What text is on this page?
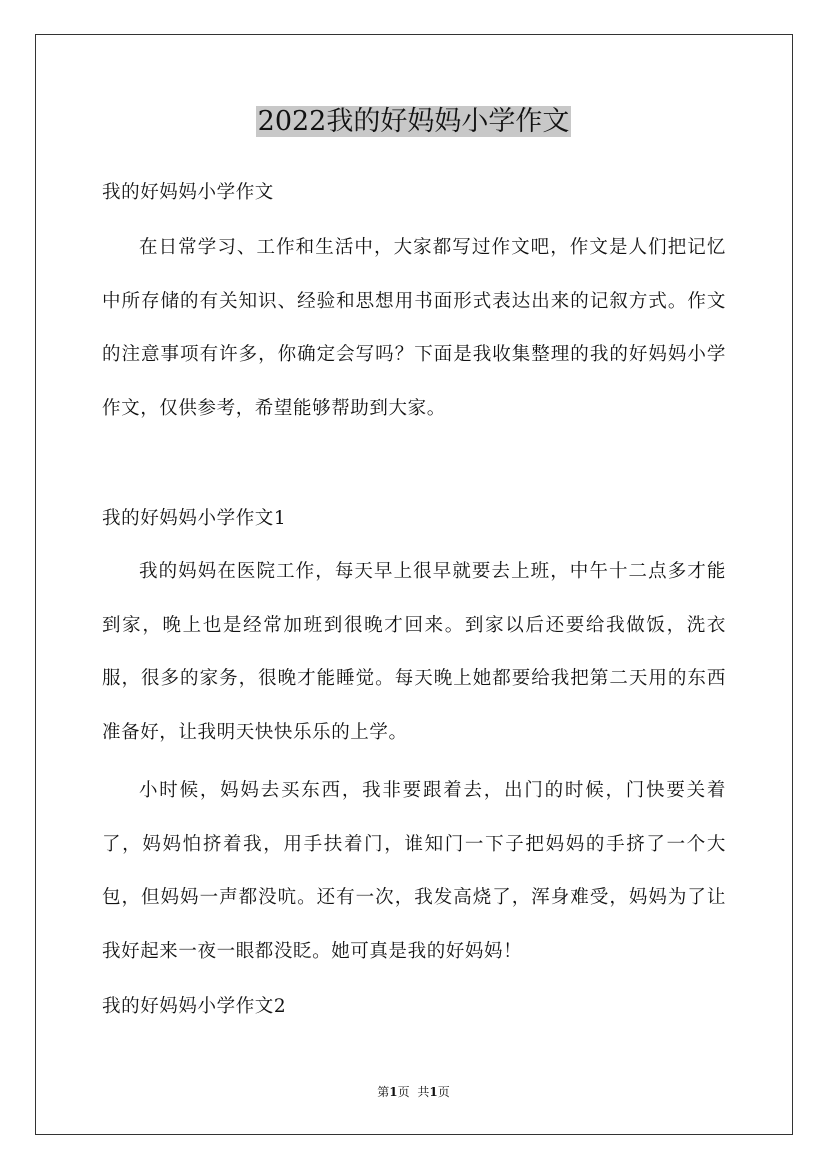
2022我的好妈妈小学作文

我的好妈妈小学作文

在日常学习、工作和生活中，大家都写过作文吧，作文是人们把记忆中所存储的有关知识、经验和思想用书面形式表达出来的记叙方式。作文的注意事项有许多，你确定会写吗？下面是我收集整理的我的好妈妈小学作文，仅供参考，希望能够帮助到大家。

我的好妈妈小学作文1

我的妈妈在医院工作，每天早上很早就要去上班，中午十二点多才能到家，晚上也是经常加班到很晚才回来。到家以后还要给我做饭，洗衣服，很多的家务，很晚才能睡觉。每天晚上她都要给我把第二天用的东西准备好，让我明天快快乐乐的上学。

小时候，妈妈去买东西，我非要跟着去，出门的时候，门快要关着了，妈妈怕挤着我，用手扶着门，谁知门一下子把妈妈的手挤了一个大包，但妈妈一声都没吭。还有一次，我发高烧了，浑身难受，妈妈为了让我好起来一夜一眼都没眨。她可真是我的好妈妈！

我的好妈妈小学作文2

第1页 共1页
